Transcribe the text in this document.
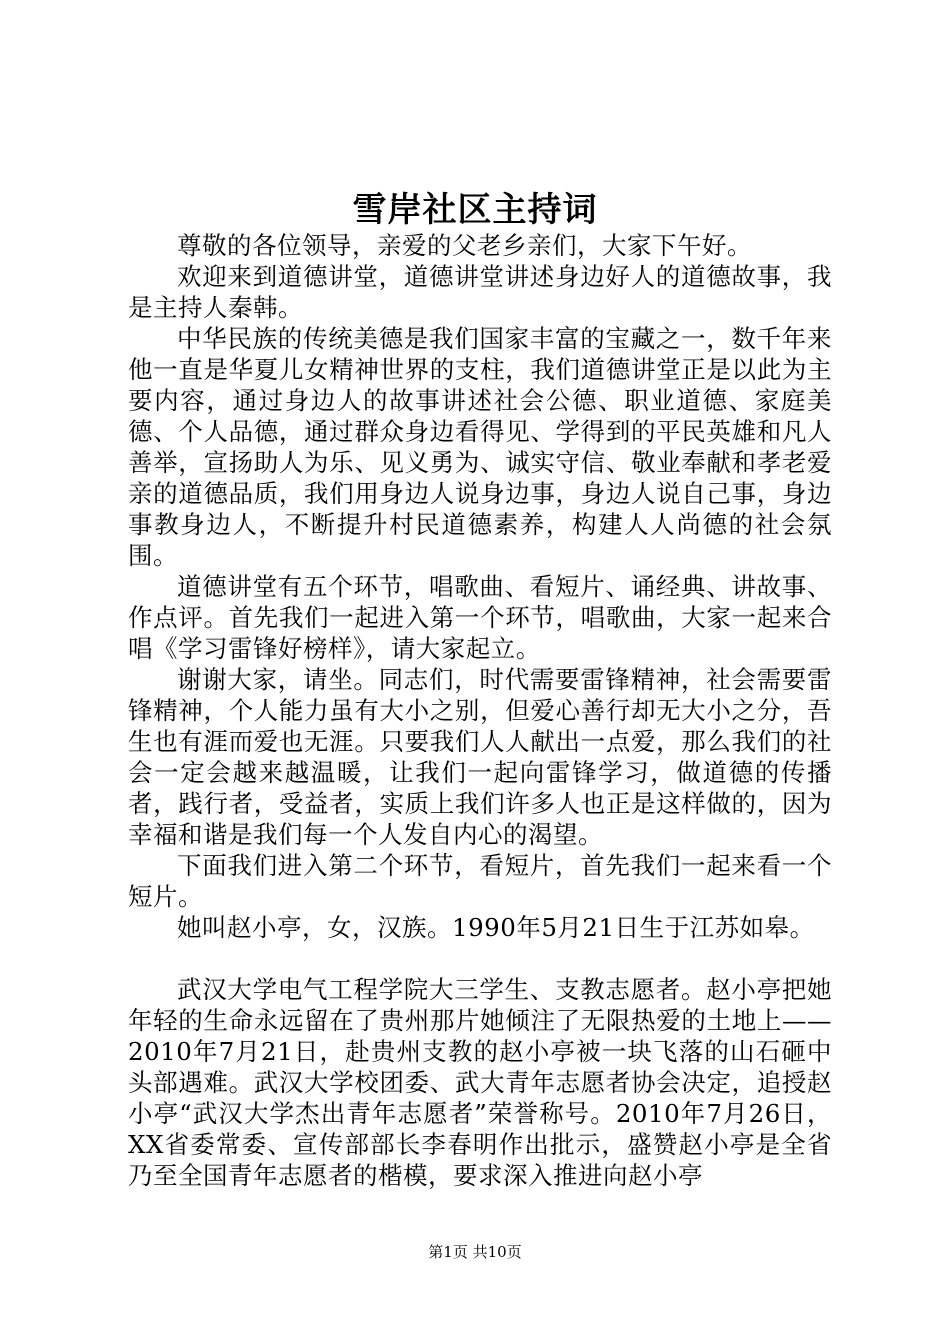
雪岸社区主持词

尊敬的各位领导，亲爱的父老乡亲们，大家下午好。

欢迎来到道德讲堂，道德讲堂讲述身边好人的道德故事，我是主持人秦韩。

中华民族的传统美德是我们国家丰富的宝藏之一，数千年来他一直是华夏儿女精神世界的支柱，我们道德讲堂正是以此为主要内容，通过身边人的故事讲述社会公德、职业道德、家庭美德、个人品德，通过群众身边看得见、学得到的平民英雄和凡人善举，宣扬助人为乐、见义勇为、诚实守信、敬业奉献和孝老爱亲的道德品质，我们用身边人说身边事，身边人说自己事，身边事教身边人，不断提升村民道德素养，构建人人尚德的社会氛围。

道德讲堂有五个环节，唱歌曲、看短片、诵经典、讲故事、作点评。首先我们一起进入第一个环节，唱歌曲，大家一起来合唱《学习雷锋好榜样》，请大家起立。

谢谢大家，请坐。同志们，时代需要雷锋精神，社会需要雷锋精神，个人能力虽有大小之别，但爱心善行却无大小之分，吾生也有涯而爱也无涯。只要我们人人献出一点爱，那么我们的社会一定会越来越温暖，让我们一起向雷锋学习，做道德的传播者，践行者，受益者，实质上我们许多人也正是这样做的，因为幸福和谐是我们每一个人发自内心的渴望。

下面我们进入第二个环节，看短片，首先我们一起来看一个短片。

她叫赵小亭，女，汉族。1990年5月21日生于江苏如皋。

武汉大学电气工程学院大三学生、支教志愿者。赵小亭把她年轻的生命永远留在了贵州那片她倾注了无限热爱的土地上——2010年7月21日，赴贵州支教的赵小亭被一块飞落的山石砸中头部遇难。武汉大学校团委、武大青年志愿者协会决定，追授赵小亭“武汉大学杰出青年志愿者”荣誉称号。2010年7月26日，XX省委常委、宣传部部长李春明作出批示，盛赞赵小亭是全省乃至全国青年志愿者的楷模，要求深入推进向赵小亭

第1页 共10页
